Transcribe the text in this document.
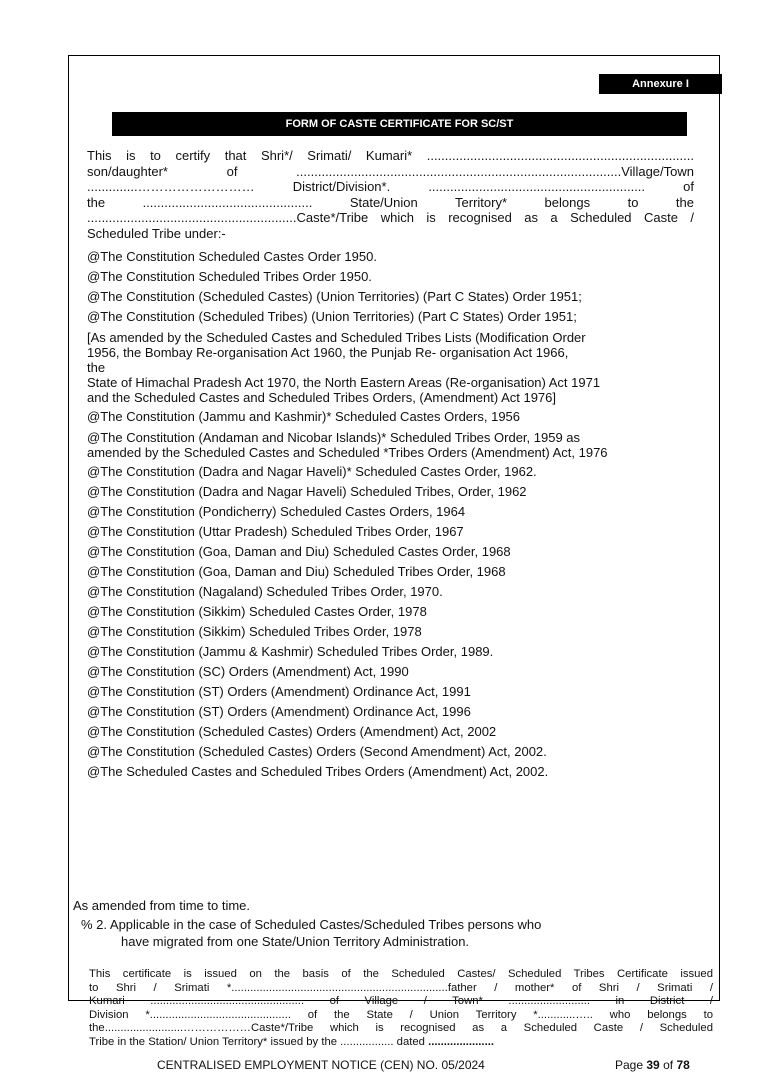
Annexure I
FORM OF CASTE CERTIFICATE FOR SC/ST

This is to certify that Shri*/ Srimati/ Kumari* ..........................................................................

son/daughter* of ..........................................................................................Village/Town

..............……………………… District/Division*. ............................................................ of

the ............................................... State/Union Territory* belongs to the

..........................................................Caste*/Tribe which is recognised as a Scheduled Caste /

Scheduled Tribe under:-

@The Constitution Scheduled Castes Order 1950.

@The Constitution Scheduled Tribes Order 1950.

@The Constitution (Scheduled Castes) (Union Territories) (Part C States) Order 1951;

@The Constitution (Scheduled Tribes) (Union Territories) (Part C States) Order 1951;

[As amended by the Scheduled Castes and Scheduled Tribes Lists (Modification Order
1956, the Bombay Re-organisation Act 1960, the Punjab Re- organisation Act 1966,
the
State of Himachal Pradesh Act 1970, the North Eastern Areas (Re-organisation) Act 1971
and the Scheduled Castes and Scheduled Tribes Orders, (Amendment) Act 1976]

@The Constitution (Jammu and Kashmir)* Scheduled Castes Orders, 1956

@The Constitution (Andaman and Nicobar Islands)* Scheduled Tribes Order, 1959 as
amended by the Scheduled Castes and Scheduled *Tribes Orders (Amendment) Act, 1976

@The Constitution (Dadra and Nagar Haveli)* Scheduled Castes Order, 1962.

@The Constitution (Dadra and Nagar Haveli) Scheduled Tribes, Order, 1962

@The Constitution (Pondicherry) Scheduled Castes Orders, 1964

@The Constitution (Uttar Pradesh) Scheduled Tribes Order, 1967

@The Constitution (Goa, Daman and Diu) Scheduled Castes Order, 1968

@The Constitution (Goa, Daman and Diu) Scheduled Tribes Order, 1968

@The Constitution (Nagaland) Scheduled Tribes Order, 1970.

@The Constitution (Sikkim) Scheduled Castes Order, 1978

@The Constitution (Sikkim) Scheduled Tribes Order, 1978

@The Constitution (Jammu & Kashmir) Scheduled Tribes Order, 1989.

@The Constitution (SC) Orders (Amendment) Act, 1990

@The Constitution (ST) Orders (Amendment) Ordinance Act, 1991

@The Constitution (ST) Orders (Amendment) Ordinance Act, 1996

@The Constitution (Scheduled Castes) Orders (Amendment) Act, 2002

@The Constitution (Scheduled Castes) Orders (Second Amendment) Act, 2002.

@The Scheduled Castes and Scheduled Tribes Orders (Amendment) Act, 2002.

As amended from time to time.
% 2. Applicable in the case of Scheduled Castes/Scheduled Tribes persons who
have migrated from one State/Union Territory Administration.

This certificate is issued on the basis of the Scheduled Castes/ Scheduled Tribes Certificate issued

to Shri / Srimati *.....................................................................father / mother* of Shri / Srimati /

Kumari ................................................. of Village / Town* .......................... in District /

Division *............................................. of the State / Union Territory *............….. who belongs to

the.........................………………Caste*/Tribe which is recognised as a Scheduled Caste / Scheduled

Tribe in the Station/ Union Territory* issued by the ................. dated .....................

CENTRALISED EMPLOYMENT NOTICE (CEN) NO. 05/2024	Page 39 of 78
